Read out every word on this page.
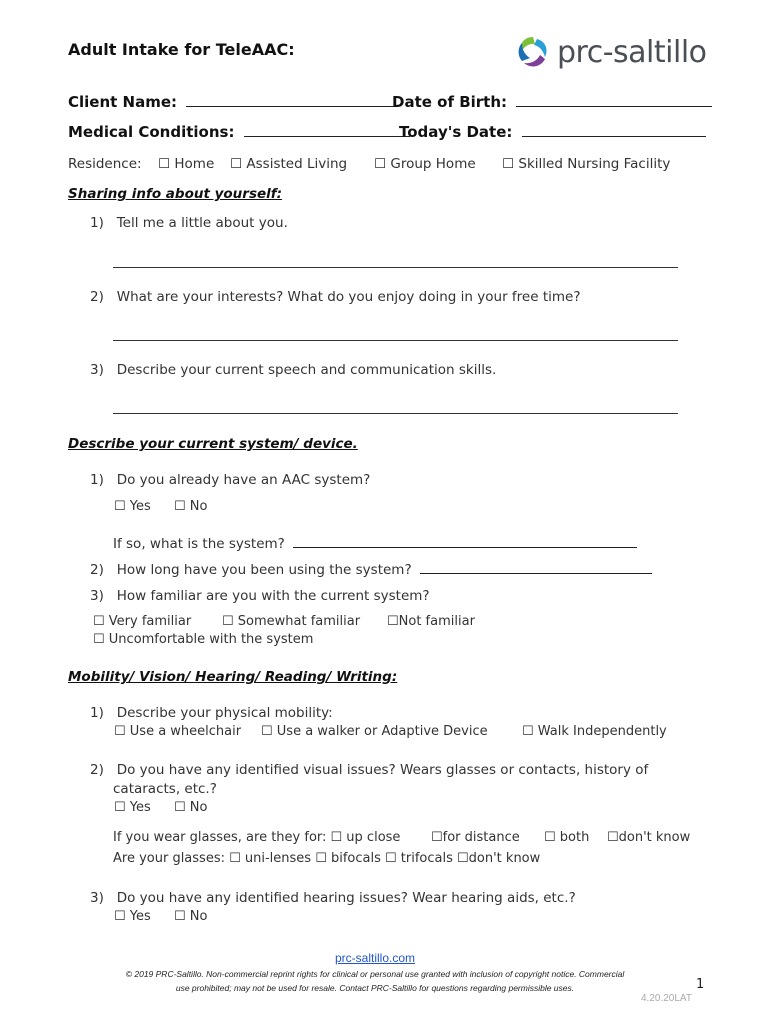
Adult Intake for TeleAAC:	prc-saltillo
Client Name:	Date of Birth:
Medical Conditions:	Today's Date:
Residence: ☐ Home ☐ Assisted Living ☐ Group Home ☐ Skilled Nursing Facility
Sharing info about yourself:
1)   Tell me a little about you.
2)   What are your interests? What do you enjoy doing in your free time?
3)   Describe your current speech and communication skills.
Describe your current system/ device.
1)   Do you already have an AAC system?
☐ Yes ☐ No
If so, what is the system?
2)   How long have you been using the system?
3)   How familiar are you with the current system?
☐ Very familiar ☐ Somewhat familiar ☐Not familiar
☐ Uncomfortable with the system
Mobility/ Vision/ Hearing/ Reading/ Writing:
1)   Describe your physical mobility:
☐ Use a wheelchair ☐ Use a walker or Adaptive Device	☐ Walk Independently
2)   Do you have any identified visual issues? Wears glasses or contacts, history of
cataracts, etc.?
☐ Yes ☐ No
If you wear glasses, are they for: ☐ up close ☐for distance ☐ both ☐don't know
Are your glasses: ☐ uni-lenses ☐ bifocals ☐ trifocals ☐don't know
3)   Do you have any identified hearing issues? Wear hearing aids, etc.?
☐ Yes ☐ No
prc-saltillo.com
© 2019 PRC-Saltillo. Non-commercial reprint rights for clinical or personal use granted with inclusion of copyright notice. Commercial
use prohibited; may not be used for resale. Contact PRC-Saltillo for questions regarding permissible uses.	1
4.20.20LAT
